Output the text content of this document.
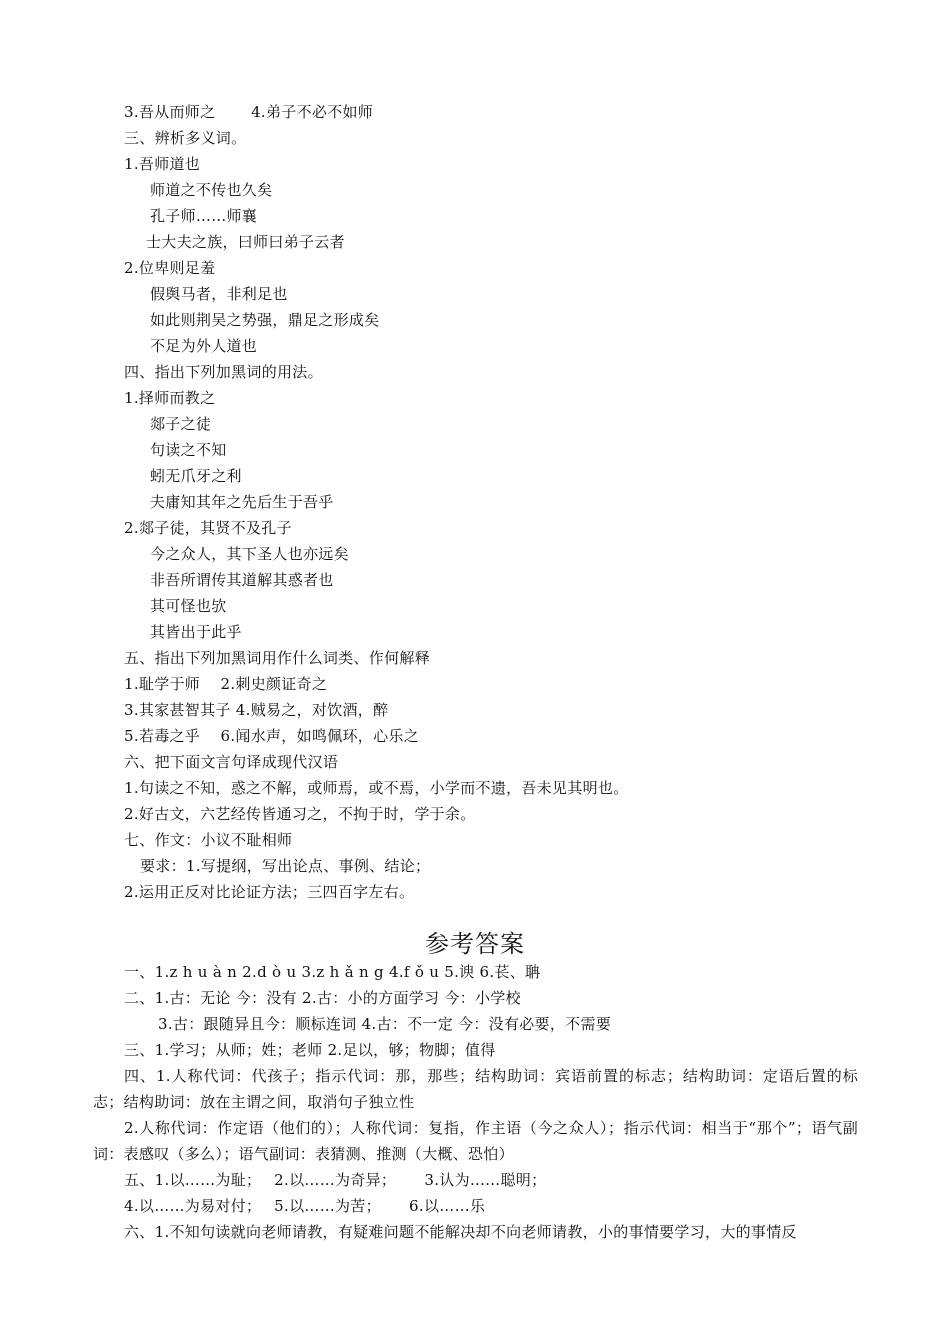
3.吾从而师之　　 4.弟子不必不如师
三、辨析多义词。
1.吾师道也
师道之不传也久矣
孔子师……师襄
士大夫之族，曰师曰弟子云者
2.位卑则足羞
假舆马者，非利足也
如此则荆吴之势强，鼎足之形成矣
不足为外人道也
四、指出下列加黑词的用法。
1.择师而教之
郯子之徒
句读之不知
蚓无爪牙之利
夫庸知其年之先后生于吾乎
2.郯子徒，其贤不及孔子
今之众人，其下圣人也亦远矣
非吾所谓传其道解其惑者也
其可怪也欤
其皆出于此乎
五、指出下列加黑词用作什么词类、作何解释
1.耻学于师　 2.刺史颜证奇之
3.其家甚智其子 4.贼易之，对饮酒，醉
5.若毒之乎　 6.闻水声，如鸣佩环，心乐之
六、把下面文言句译成现代汉语
1.句读之不知，惑之不解，或师焉，或不焉，小学而不遗，吾未见其明也。
2.好古文，六艺经传皆通习之，不拘于时，学于余。
七、作文：小议不耻相师
要求：1.写提纲，写出论点、事例、结论；
2.运用正反对比论证方法；三四百字左右。
参考答案
一、1.z h u à n 2.d ò u 3.z h ǎ n g 4.f ǒ u 5.谀 6.苌、聃
二、1.古：无论 今：没有 2.古：小的方面学习 今：小学校
3.古：跟随异且今：顺标连词 4.古：不一定 今：没有必要，不需要
三、1.学习；从师；姓；老师 2.足以，够；物脚；值得
四、1.人称代词：代孩子；指示代词：那，那些；结构助词：宾语前置的标志；结构助词：定语后置的标志；结构助词：放在主谓之间，取消句子独立性
2.人称代词：作定语（他们的）；人称代词：复指，作主语（今之众人）；指示代词：相当于“那个”；语气副词：表感叹（多么）；语气副词：表猜测、推测（大概、恐怕）
五、1.以……为耻；　 2.以……为奇异；　　 3.认为……聪明；
4.以……为易对付；　 5.以……为苦；　　 6.以……乐
六、1.不知句读就向老师请教，有疑难问题不能解决却不向老师请教，小的事情要学习，大的事情反
